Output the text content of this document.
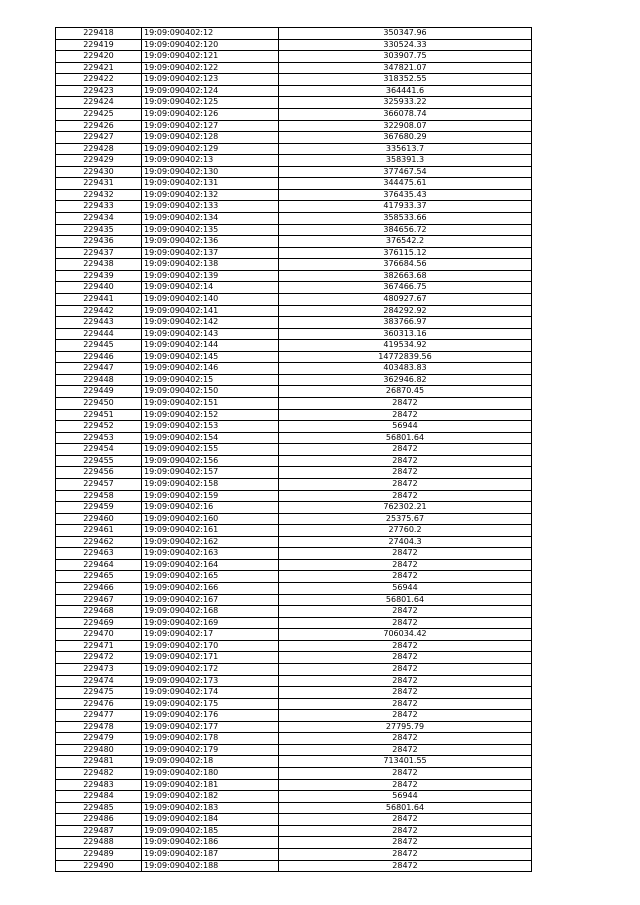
229418	19:09:090402:12	350347.96
229419	19:09:090402:120	330524.33
229420	19:09:090402:121	303907.75
229421	19:09:090402:122	347821.07
229422	19:09:090402:123	318352.55
229423	19:09:090402:124	364441.6
229424	19:09:090402:125	325933.22
229425	19:09:090402:126	366078.74
229426	19:09:090402:127	322908.07
229427	19:09:090402:128	367680.29
229428	19:09:090402:129	335613.7
229429	19:09:090402:13	358391.3
229430	19:09:090402:130	377467.54
229431	19:09:090402:131	344475.61
229432	19:09:090402:132	376435.43
229433	19:09:090402:133	417933.37
229434	19:09:090402:134	358533.66
229435	19:09:090402:135	384656.72
229436	19:09:090402:136	376542.2
229437	19:09:090402:137	376115.12
229438	19:09:090402:138	376684.56
229439	19:09:090402:139	382663.68
229440	19:09:090402:14	367466.75
229441	19:09:090402:140	480927.67
229442	19:09:090402:141	284292.92
229443	19:09:090402:142	383766.97
229444	19:09:090402:143	360313.16
229445	19:09:090402:144	419534.92
229446	19:09:090402:145	14772839.56
229447	19:09:090402:146	403483.83
229448	19:09:090402:15	362946.82
229449	19:09:090402:150	26870.45
229450	19:09:090402:151	28472
229451	19:09:090402:152	28472
229452	19:09:090402:153	56944
229453	19:09:090402:154	56801.64
229454	19:09:090402:155	28472
229455	19:09:090402:156	28472
229456	19:09:090402:157	28472
229457	19:09:090402:158	28472
229458	19:09:090402:159	28472
229459	19:09:090402:16	762302.21
229460	19:09:090402:160	25375.67
229461	19:09:090402:161	27760.2
229462	19:09:090402:162	27404.3
229463	19:09:090402:163	28472
229464	19:09:090402:164	28472
229465	19:09:090402:165	28472
229466	19:09:090402:166	56944
229467	19:09:090402:167	56801.64
229468	19:09:090402:168	28472
229469	19:09:090402:169	28472
229470	19:09:090402:17	706034.42
229471	19:09:090402:170	28472
229472	19:09:090402:171	28472
229473	19:09:090402:172	28472
229474	19:09:090402:173	28472
229475	19:09:090402:174	28472
229476	19:09:090402:175	28472
229477	19:09:090402:176	28472
229478	19:09:090402:177	27795.79
229479	19:09:090402:178	28472
229480	19:09:090402:179	28472
229481	19:09:090402:18	713401.55
229482	19:09:090402:180	28472
229483	19:09:090402:181	28472
229484	19:09:090402:182	56944
229485	19:09:090402:183	56801.64
229486	19:09:090402:184	28472
229487	19:09:090402:185	28472
229488	19:09:090402:186	28472
229489	19:09:090402:187	28472
229490	19:09:090402:188	28472
